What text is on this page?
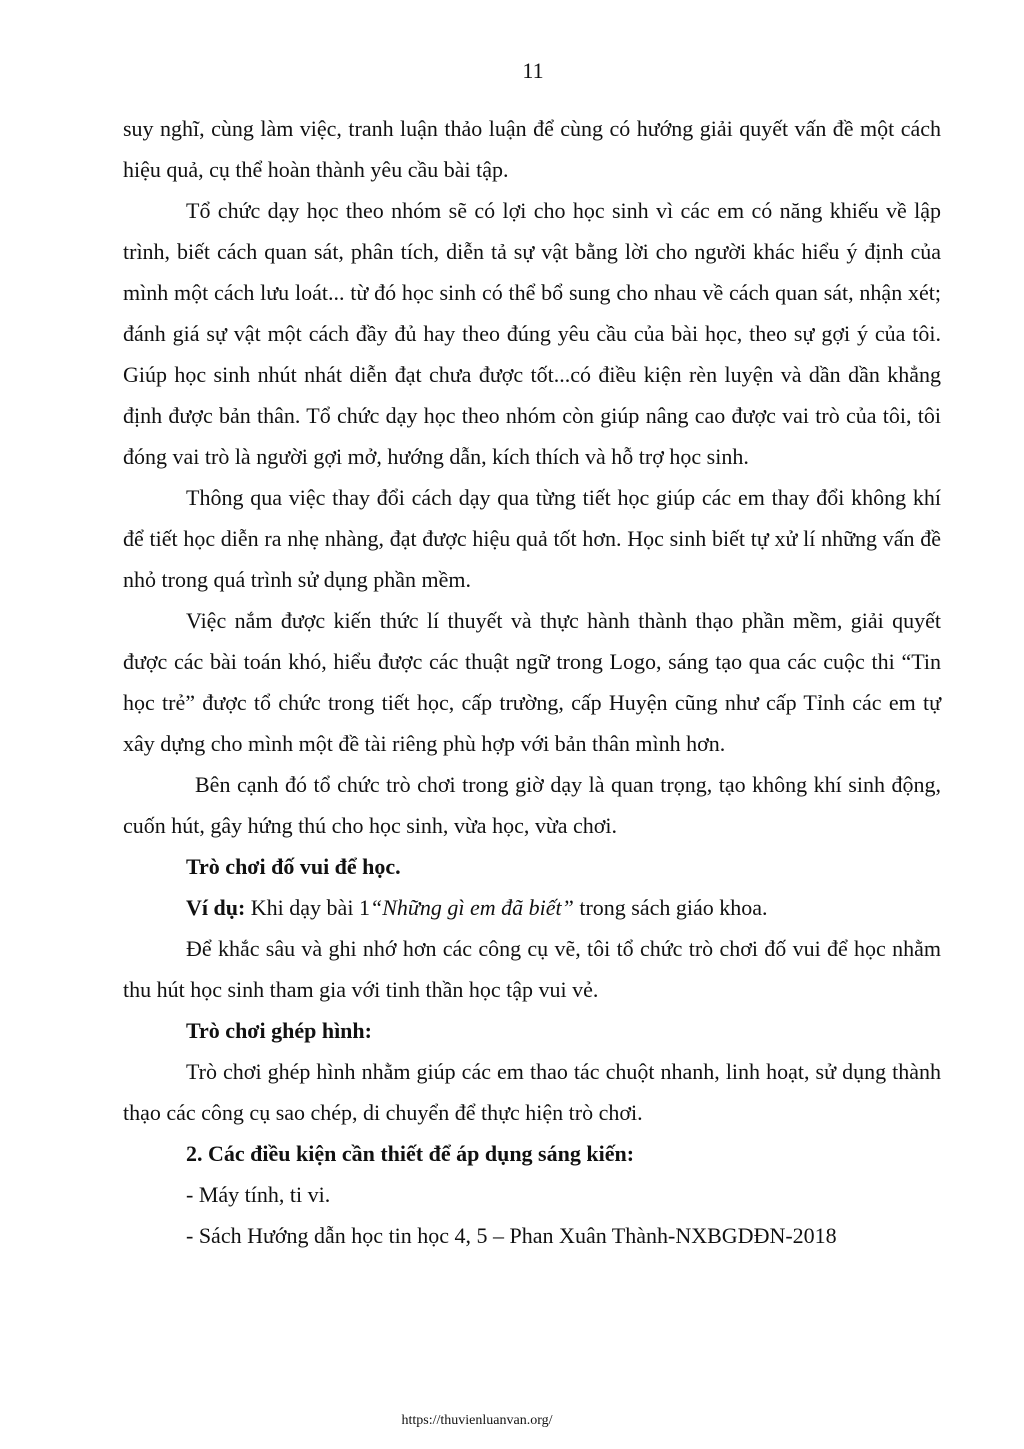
11

suy nghĩ, cùng làm việc, tranh luận thảo luận để cùng có hướng giải quyết vấn đề một cách hiệu quả, cụ thể hoàn thành yêu cầu bài tập.

Tổ chức dạy học theo nhóm sẽ có lợi cho học sinh vì các em có năng khiếu về lập trình, biết cách quan sát, phân tích, diễn tả sự vật bằng lời cho người khác hiểu ý định của mình một cách lưu loát... từ đó học sinh có thể bổ sung cho nhau về cách quan sát, nhận xét; đánh giá sự vật một cách đầy đủ hay theo đúng yêu cầu của bài học, theo sự gợi ý của tôi. Giúp học sinh nhút nhát diễn đạt chưa được tốt...có điều kiện rèn luyện và dần dần khẳng định được bản thân. Tổ chức dạy học theo nhóm còn giúp nâng cao được vai trò của tôi, tôi đóng vai trò là người gợi mở, hướng dẫn, kích thích và hỗ trợ học sinh.

Thông qua việc thay đổi cách dạy qua từng tiết học giúp các em thay đổi không khí để tiết học diễn ra nhẹ nhàng, đạt được hiệu quả tốt hơn. Học sinh biết tự xử lí những vấn đề nhỏ trong quá trình sử dụng phần mềm.

Việc nắm được kiến thức lí thuyết và thực hành thành thạo phần mềm, giải quyết được các bài toán khó, hiểu được các thuật ngữ trong Logo, sáng tạo qua các cuộc thi “Tin học trẻ” được tổ chức trong tiết học, cấp trường, cấp Huyện cũng như cấp Tỉnh các em tự xây dựng cho mình một đề tài riêng phù hợp với bản thân mình hơn.

Bên cạnh đó tổ chức trò chơi trong giờ dạy là quan trọng, tạo không khí sinh động, cuốn hút, gây hứng thú cho học sinh, vừa học, vừa chơi.

Trò chơi đố vui để học.

Ví dụ: Khi dạy bài 1“Những gì em đã biết” trong sách giáo khoa.

Để khắc sâu và ghi nhớ hơn các công cụ vẽ, tôi tổ chức trò chơi đố vui để học nhằm thu hút học sinh tham gia với tinh thần học tập vui vẻ.

Trò chơi ghép hình:

Trò chơi ghép hình nhằm giúp các em thao tác chuột nhanh, linh hoạt, sử dụng thành thạo các công cụ sao chép, di chuyển để thực hiện trò chơi.

2. Các điều kiện cần thiết để áp dụng sáng kiến:

- Máy tính, ti vi.

- Sách Hướng dẫn học tin học 4, 5 – Phan Xuân Thành-NXBGDĐN-2018

https://thuvienluanvan.org/
